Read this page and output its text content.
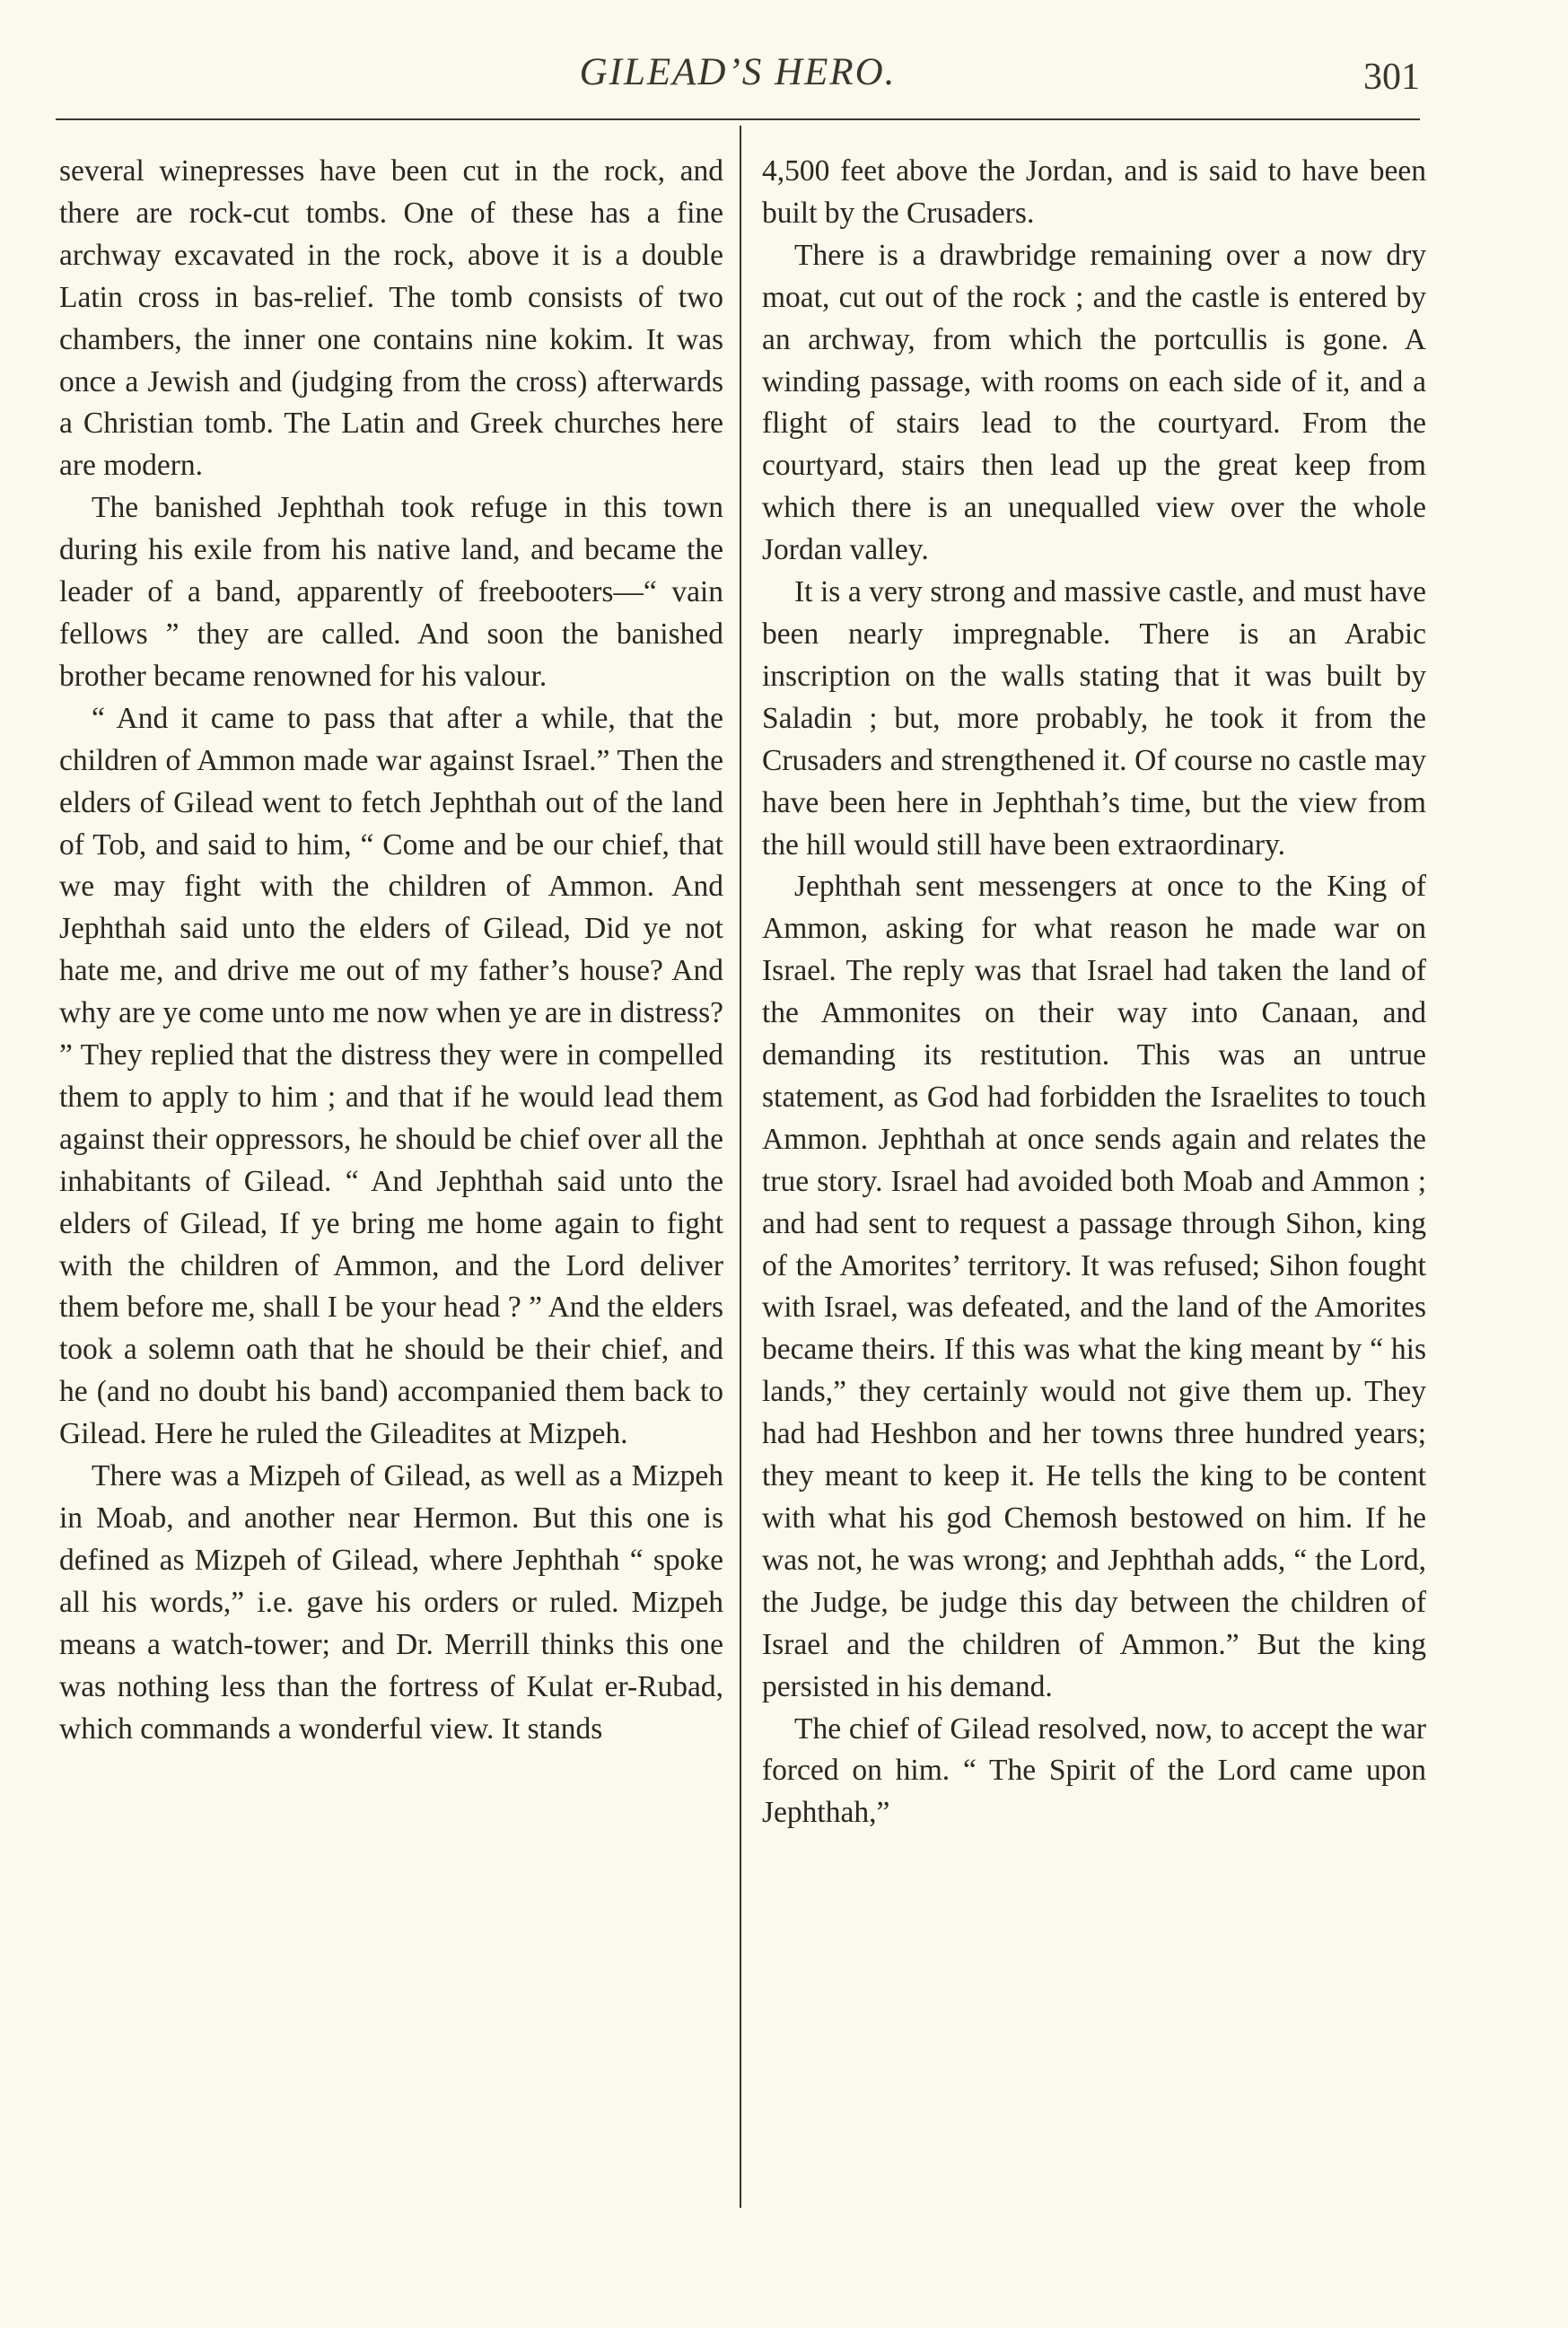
GILEAD’S HERO.	301

several winepresses have been cut in the rock, and there are rock-cut tombs. One of these has a fine archway excavated in the rock, above it is a double Latin cross in bas-relief. The tomb consists of two chambers, the inner one contains nine kokim. It was once a Jewish and (judging from the cross) afterwards a Christian tomb. The Latin and Greek churches here are modern.

The banished Jephthah took refuge in this town during his exile from his native land, and became the leader of a band, apparently of freebooters—“ vain fellows ” they are called. And soon the banished brother became renowned for his valour.

“ And it came to pass that after a while, that the children of Ammon made war against Israel.” Then the elders of Gilead went to fetch Jephthah out of the land of Tob, and said to him, “ Come and be our chief, that we may fight with the children of Ammon. And Jephthah said unto the elders of Gilead, Did ye not hate me, and drive me out of my father’s house? And why are ye come unto me now when ye are in distress? ” They replied that the distress they were in compelled them to apply to him ; and that if he would lead them against their oppressors, he should be chief over all the inhabitants of Gilead. “ And Jephthah said unto the elders of Gilead, If ye bring me home again to fight with the children of Ammon, and the Lord deliver them before me, shall I be your head ? ” And the elders took a solemn oath that he should be their chief, and he (and no doubt his band) accompanied them back to Gilead. Here he ruled the Gileadites at Mizpeh.

There was a Mizpeh of Gilead, as well as a Mizpeh in Moab, and another near Hermon. But this one is defined as Mizpeh of Gilead, where Jephthah “ spoke all his words,” i.e. gave his orders or ruled. Mizpeh means a watch-tower; and Dr. Merrill thinks this one was nothing less than the fortress of Kulat er-Rubad, which commands a wonderful view. It stands

4,500 feet above the Jordan, and is said to have been built by the Crusaders.

There is a drawbridge remaining over a now dry moat, cut out of the rock ; and the castle is entered by an archway, from which the portcullis is gone. A winding passage, with rooms on each side of it, and a flight of stairs lead to the courtyard. From the courtyard, stairs then lead up the great keep from which there is an unequalled view over the whole Jordan valley.

It is a very strong and massive castle, and must have been nearly impregnable. There is an Arabic inscription on the walls stating that it was built by Saladin ; but, more probably, he took it from the Crusaders and strengthened it. Of course no castle may have been here in Jephthah’s time, but the view from the hill would still have been extraordinary.

Jephthah sent messengers at once to the King of Ammon, asking for what reason he made war on Israel. The reply was that Israel had taken the land of the Ammonites on their way into Canaan, and demanding its restitution. This was an untrue statement, as God had forbidden the Israelites to touch Ammon. Jephthah at once sends again and relates the true story. Israel had avoided both Moab and Ammon ; and had sent to request a passage through Sihon, king of the Amorites’ territory. It was refused; Sihon fought with Israel, was defeated, and the land of the Amorites became theirs. If this was what the king meant by “ his lands,” they certainly would not give them up. They had had Heshbon and her towns three hundred years; they meant to keep it. He tells the king to be content with what his god Chemosh bestowed on him. If he was not, he was wrong; and Jephthah adds, “ the Lord, the Judge, be judge this day between the children of Israel and the children of Ammon.” But the king persisted in his demand.

The chief of Gilead resolved, now, to accept the war forced on him. “ The Spirit of the Lord came upon Jephthah,”
